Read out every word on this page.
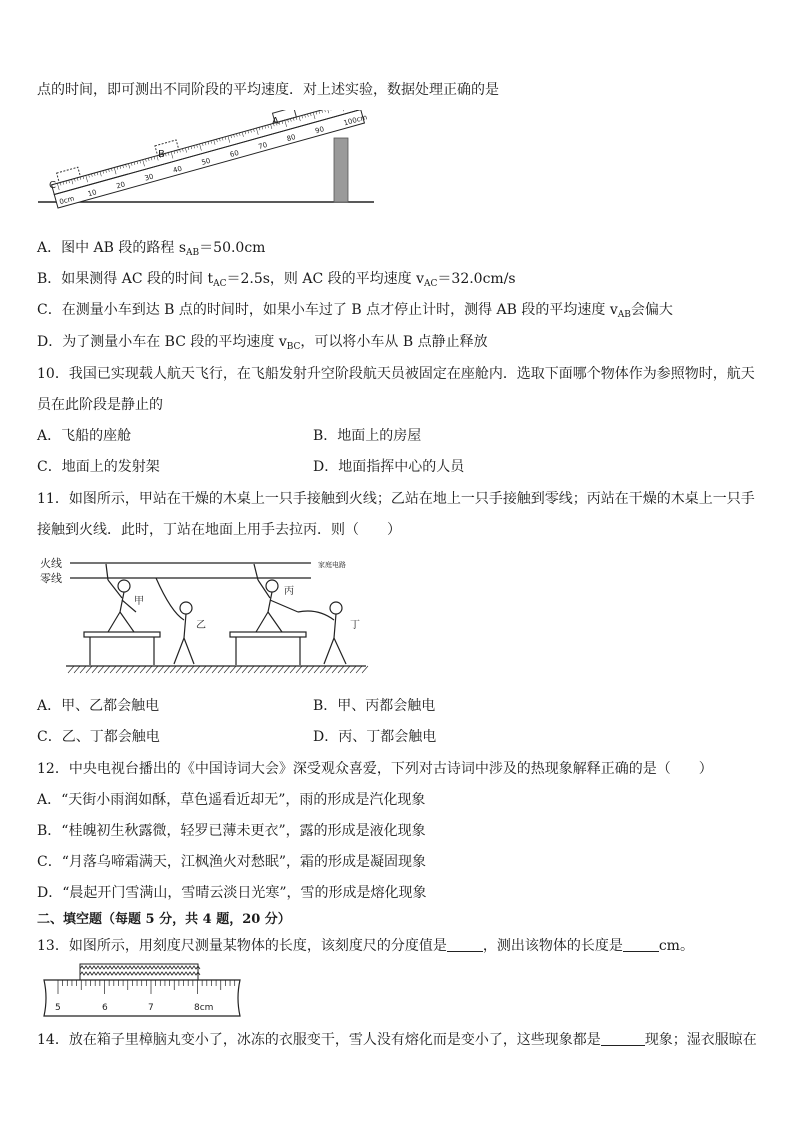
点的时间，即可测出不同阶段的平均速度．对上述实验，数据处理正确的是
0cm
10
20
30
40
50
60
70
80
90
100cm
C
B
A
A．图中 AB 段的路程 $s_{AB}=50.0cm$
B．如果测得 AC 段的时间 $t_{AC}=2.5s$，则 AC 段的平均速度 $v_{AC}=32.0cm/s$
C．在测量小车到达 B 点的时间时，如果小车过了 B 点才停止计时，测得 AB 段的平均速度 $v_{AB}$会偏大
D．为了测量小车在 BC 段的平均速度 $v_{BC}$，可以将小车从 B 点静止释放
10．我国已实现载人航天飞行，在飞船发射升空阶段航天员被固定在座舱内．选取下面哪个物体作为参照物时，航天
员在此阶段是静止的
A．飞船的座舱	B．地面上的房屋
C．地面上的发射架	D．地面指挥中心的人员
11．如图所示，甲站在干燥的木桌上一只手接触到火线；乙站在地上一只手接触到零线；丙站在干燥的木桌上一只手
接触到火线．此时，丁站在地面上用手去拉丙．则（　　）
火线
零线
家庭电路
甲
乙
丙
丁
A．甲、乙都会触电	B．甲、丙都会触电
C．乙、丁都会触电	D．丙、丁都会触电
12．中央电视台播出的《中国诗词大会》深受观众喜爱，下列对古诗词中涉及的热现象解释正确的是（　　）
A．“天街小雨润如酥，草色遥看近却无”，雨的形成是汽化现象
B．“桂魄初生秋露微，轻罗已薄未更衣”，露的形成是液化现象
C．“月落乌啼霜满天，江枫渔火对愁眠”，霜的形成是凝固现象
D．“晨起开门雪满山，雪晴云淡日光寒”，雪的形成是熔化现象
二、填空题（每题 5 分，共 4 题，20 分）
13．如图所示，用刻度尺测量某物体的长度，该刻度尺的分度值是	，测出该物体的长度是	cm。
5	6	7	8cm
14．放在箱子里樟脑丸变小了，冰冻的衣服变干，雪人没有熔化而是变小了，这些现象都是	现象；湿衣服晾在
